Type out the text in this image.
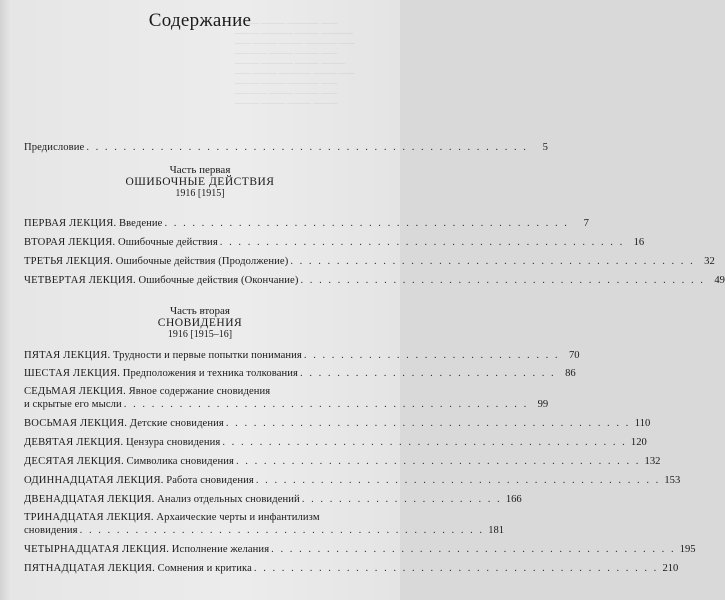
——— ——— ———— ——
——— ———— ——— ————
—— ——— ——— ———— ——
———— ——— ——— ——
——— ———— ——— ———
—— ——— ———— ——— ——
——— ——— ———— ——
———— ——— ——— ——
——— ——— ——— ———
Содержание
Предисловие . . . . . . . . . . . . . . . . . . . . . . . . . . . . . . . . . . . . . . . . . . . . . . . .	5
Часть первая
ОШИБОЧНЫЕ ДЕЙСТВИЯ
1916 [1915]
ПЕРВАЯ ЛЕКЦИЯ. Введение . . . . . . . . . . . . . . . . . . . . . . . . . . . . . . . . . . . . . . . . . . . .	7
ВТОРАЯ ЛЕКЦИЯ. Ошибочные действия . . . . . . . . . . . . . . . . . . . . . . . . . . . . . . . . . . . . . . . . . . . . 16
ТРЕТЬЯ ЛЕКЦИЯ. Ошибочные действия (Продолжение) . . . . . . . . . . . . . . . . . . . . . . . . . . . . . . . . . . . . . . . . . . . . 32
ЧЕТВЕРТАЯ ЛЕКЦИЯ. Ошибочные действия (Окончание) . . . . . . . . . . . . . . . . . . . . . . . . . . . . . . . . . . . . . . . . . . . . 49
Часть вторая
СНОВИДЕНИЯ
1916 [1915–16]
ПЯТАЯ ЛЕКЦИЯ. Трудности и первые попытки понимания . . . . . . . . . . . . . . . . . . . . . . . . . . . . 70
ШЕСТАЯ ЛЕКЦИЯ. Предположения и техника толкования . . . . . . . . . . . . . . . . . . . . . . . . . . . . 86
СЕДЬМАЯ ЛЕКЦИЯ. Явное содержание сновидения
и скрытые его мысли . . . . . . . . . . . . . . . . . . . . . . . . . . . . . . . . . . . . . . . . . . . . 99
ВОСЬМАЯ ЛЕКЦИЯ. Детские сновидения . . . . . . . . . . . . . . . . . . . . . . . . . . . . . . . . . . . . . . . . . . . . 110
ДЕВЯТАЯ ЛЕКЦИЯ. Цензура сновидения . . . . . . . . . . . . . . . . . . . . . . . . . . . . . . . . . . . . . . . . . . . . 120
ДЕСЯТАЯ ЛЕКЦИЯ. Символика сновидения . . . . . . . . . . . . . . . . . . . . . . . . . . . . . . . . . . . . . . . . . . . . 132
ОДИННАДЦАТАЯ ЛЕКЦИЯ. Работа сновидения . . . . . . . . . . . . . . . . . . . . . . . . . . . . . . . . . . . . . . . . . . . . 153
ДВЕНАДЦАТАЯ ЛЕКЦИЯ. Анализ отдельных сновидений . . . . . . . . . . . . . . . . . . . . . . 166
ТРИНАДЦАТАЯ ЛЕКЦИЯ. Архаические черты и инфантилизм
сновидения . . . . . . . . . . . . . . . . . . . . . . . . . . . . . . . . . . . . . . . . . . . . 181
ЧЕТЫРНАДЦАТАЯ ЛЕКЦИЯ. Исполнение желания . . . . . . . . . . . . . . . . . . . . . . . . . . . . . . . . . . . . . . . . . . . . 195
ПЯТНАДЦАТАЯ ЛЕКЦИЯ. Сомнения и критика . . . . . . . . . . . . . . . . . . . . . . . . . . . . . . . . . . . . . . . . . . . . 210
